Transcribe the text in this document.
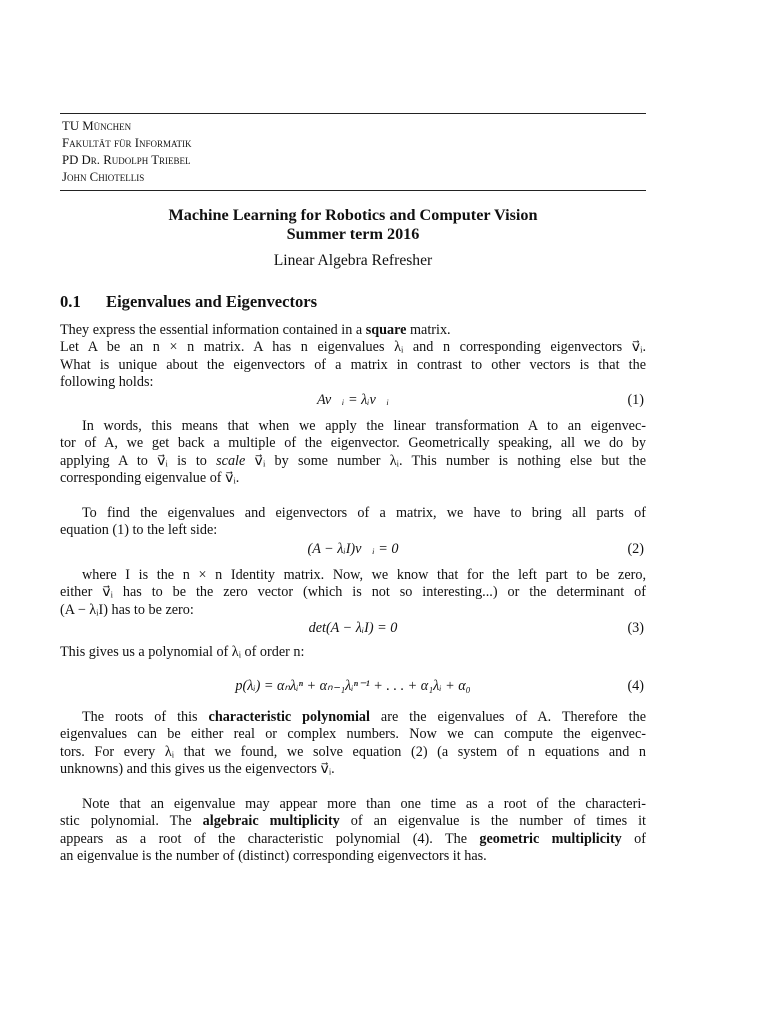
TU München
Fakultät für Informatik
PD Dr. Rudolph Triebel
John Chiotellis
Machine Learning for Robotics and Computer Vision
Summer term 2016
Linear Algebra Refresher
0.1 Eigenvalues and Eigenvectors
They express the essential information contained in a square matrix.
Let A be an n × n matrix. A has n eigenvalues λᵢ and n corresponding eigenvectors v⃗ᵢ.
What is unique about the eigenvectors of a matrix in contrast to other vectors is that the
following holds:
Av⃗ᵢ = λᵢv⃗ᵢ	(1)
In words, this means that when we apply the linear transformation A to an eigenvec-
tor of A, we get back a multiple of the eigenvector. Geometrically speaking, all we do by
applying A to v⃗ᵢ is to scale v⃗ᵢ by some number λᵢ. This number is nothing else but the
corresponding eigenvalue of v⃗ᵢ.
To find the eigenvalues and eigenvectors of a matrix, we have to bring all parts of
equation (1) to the left side:
(A − λᵢI)v⃗ᵢ = 0	(2)
where I is the n × n Identity matrix. Now, we know that for the left part to be zero,
either v⃗ᵢ has to be the zero vector (which is not so interesting...) or the determinant of
(A − λᵢI) has to be zero:
det(A − λᵢI) = 0	(3)
This gives us a polynomial of λᵢ of order n:
p(λᵢ) = αₙλᵢⁿ + αₙ₋₁λᵢⁿ⁻¹ + . . . + α₁λᵢ + α₀	(4)
The roots of this characteristic polynomial are the eigenvalues of A. Therefore the
eigenvalues can be either real or complex numbers. Now we can compute the eigenvec-
tors. For every λᵢ that we found, we solve equation (2) (a system of n equations and n
unknowns) and this gives us the eigenvectors v⃗ᵢ.
Note that an eigenvalue may appear more than one time as a root of the characteri-
stic polynomial. The algebraic multiplicity of an eigenvalue is the number of times it
appears as a root of the characteristic polynomial (4). The geometric multiplicity of
an eigenvalue is the number of (distinct) corresponding eigenvectors it has.
